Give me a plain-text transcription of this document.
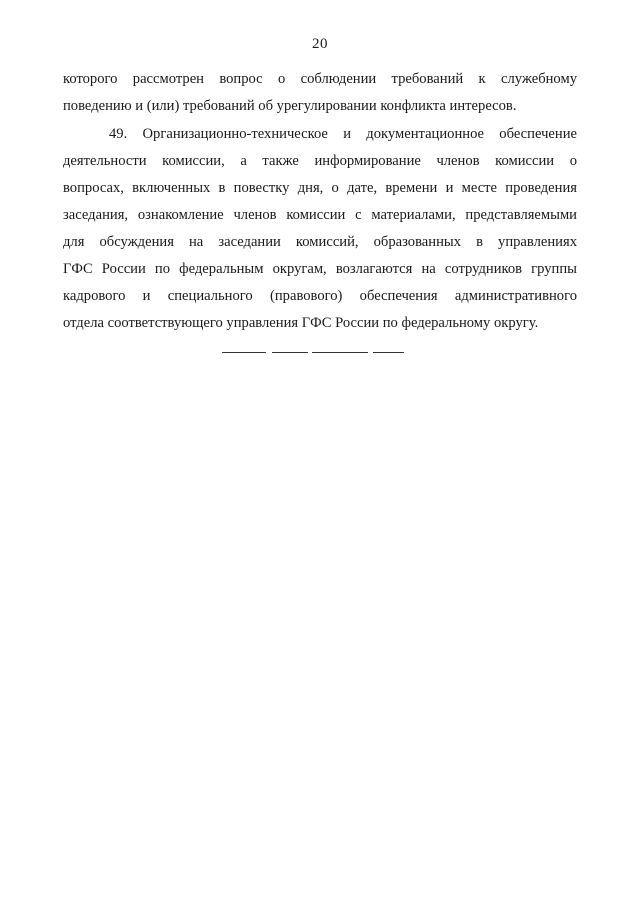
20
которого рассмотрен вопрос о соблюдении требований к служебному
поведению и (или) требований об урегулировании конфликта интересов.
49. Организационно-техническое и документационное обеспечение
деятельности комиссии, а также информирование членов комиссии о
вопросах, включенных в повестку дня, о дате, времени и месте проведения
заседания, ознакомление членов комиссии с материалами, представляемыми
для обсуждения на заседании комиссий, образованных в управлениях
ГФС России по федеральным округам, возлагаются на сотрудников группы
кадрового и специального (правового) обеспечения административного
отдела соответствующего управления ГФС России по федеральному округу.
